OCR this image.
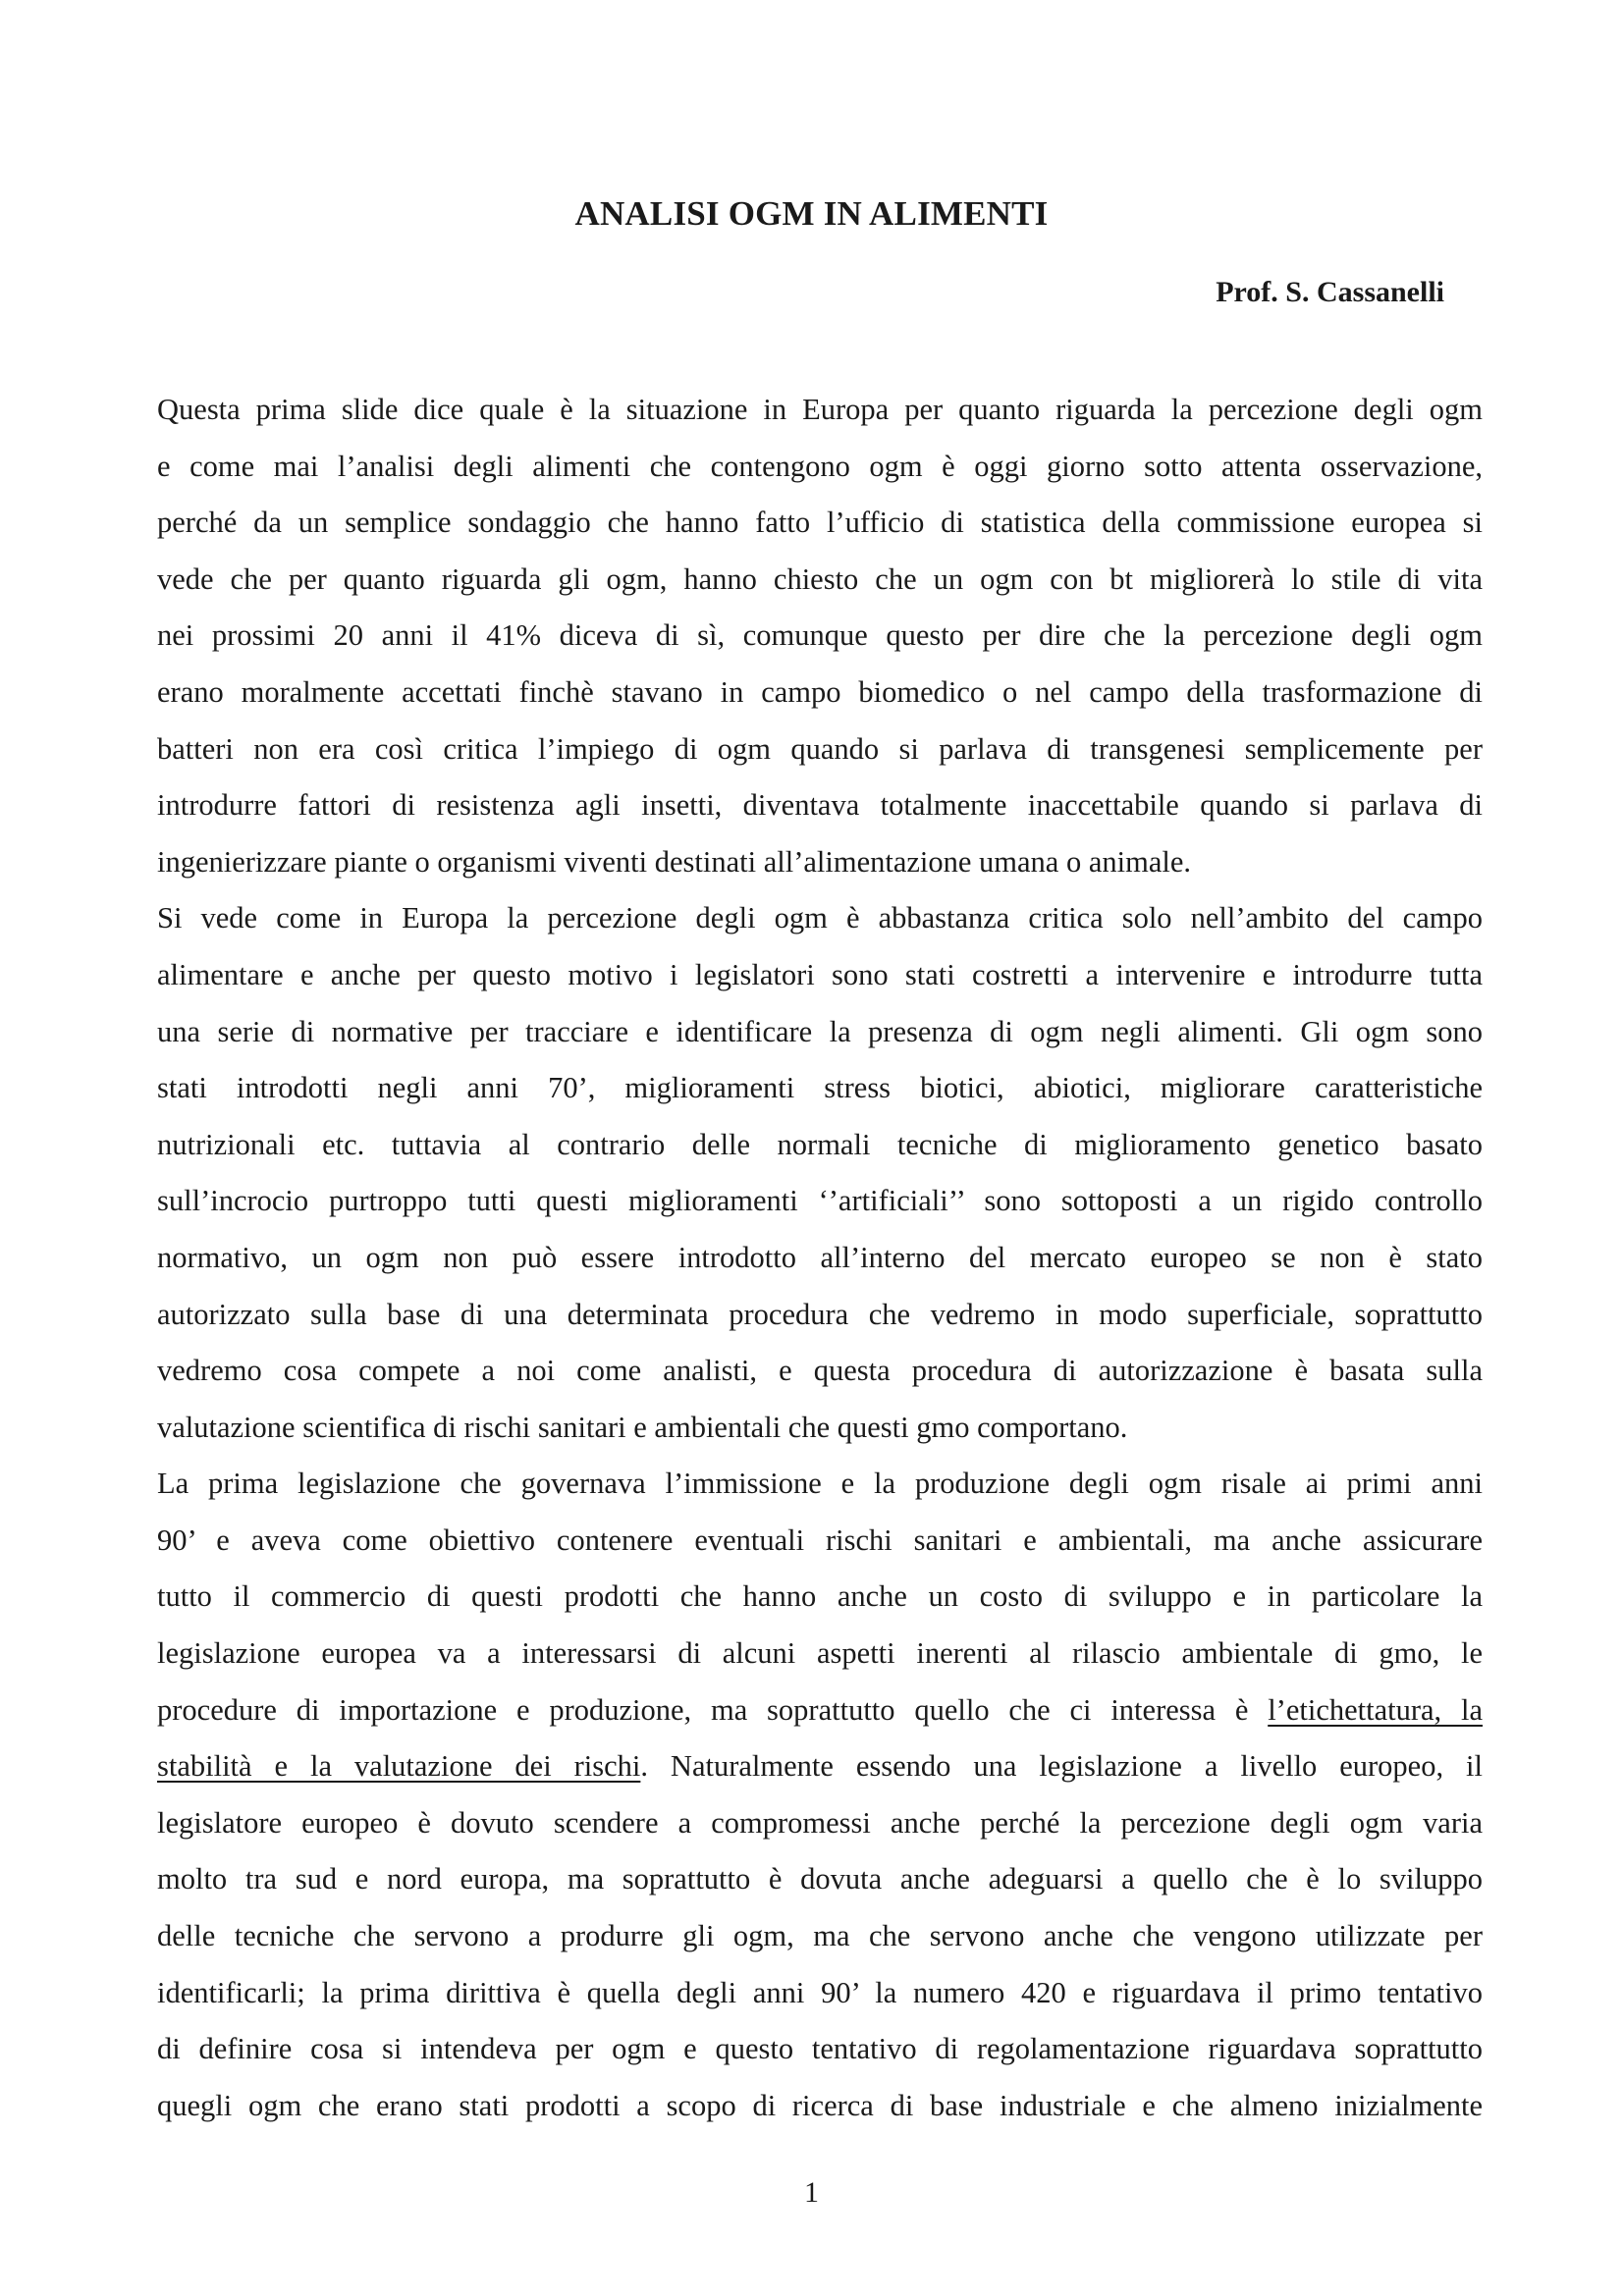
ANALISI OGM IN ALIMENTI
Prof. S. Cassanelli
Questa prima slide dice quale è la situazione in Europa per quanto riguarda la percezione degli ogm
e come mai l’analisi degli alimenti che contengono ogm è oggi giorno sotto attenta osservazione,
perché da un semplice sondaggio che hanno fatto l’ufficio di statistica della commissione europea si
vede che per quanto riguarda gli ogm, hanno chiesto che un ogm con bt migliorerà lo stile di vita
nei prossimi 20 anni il 41% diceva di sì, comunque questo per dire che la percezione degli ogm
erano moralmente accettati finchè stavano in campo biomedico o nel campo della trasformazione di
batteri non era così critica l’impiego di ogm quando si parlava di transgenesi semplicemente per
introdurre fattori di resistenza agli insetti, diventava totalmente inaccettabile quando si parlava di
ingenierizzare piante o organismi viventi destinati all’alimentazione umana o animale.
Si vede come in Europa la percezione degli ogm è abbastanza critica solo nell’ambito del campo
alimentare e anche per questo motivo i legislatori sono stati costretti a intervenire e introdurre tutta
una serie di normative per tracciare e identificare la presenza di ogm negli alimenti. Gli ogm sono
stati introdotti negli anni 70’, miglioramenti stress biotici, abiotici, migliorare caratteristiche
nutrizionali etc. tuttavia al contrario delle normali tecniche di miglioramento genetico basato
sull’incrocio purtroppo tutti questi miglioramenti ‘’artificiali’’ sono sottoposti a un rigido controllo
normativo, un ogm non può essere introdotto all’interno del mercato europeo se non è stato
autorizzato sulla base di una determinata procedura che vedremo in modo superficiale, soprattutto
vedremo cosa compete a noi come analisti, e questa procedura di autorizzazione è basata sulla
valutazione scientifica di rischi sanitari e ambientali che questi gmo comportano.
La prima legislazione che governava l’immissione e la produzione degli ogm risale ai primi anni
90’ e aveva come obiettivo contenere eventuali rischi sanitari e ambientali, ma anche assicurare
tutto il commercio di questi prodotti che hanno anche un costo di sviluppo e in particolare la
legislazione europea va a interessarsi di alcuni aspetti inerenti al rilascio ambientale di gmo, le
procedure di importazione e produzione, ma soprattutto quello che ci interessa è l’etichettatura, la
stabilità e la valutazione dei rischi. Naturalmente essendo una legislazione a livello europeo, il
legislatore europeo è dovuto scendere a compromessi anche perché la percezione degli ogm varia
molto tra sud e nord europa, ma soprattutto è dovuta anche adeguarsi a quello che è lo sviluppo
delle tecniche che servono a produrre gli ogm, ma che servono anche che vengono utilizzate per
identificarli; la prima dirittiva è quella degli anni 90’ la numero 420 e riguardava il primo tentativo
di definire cosa si intendeva per ogm e questo tentativo di regolamentazione riguardava soprattutto
quegli ogm che erano stati prodotti a scopo di ricerca di base industriale e che almeno inizialmente
1
